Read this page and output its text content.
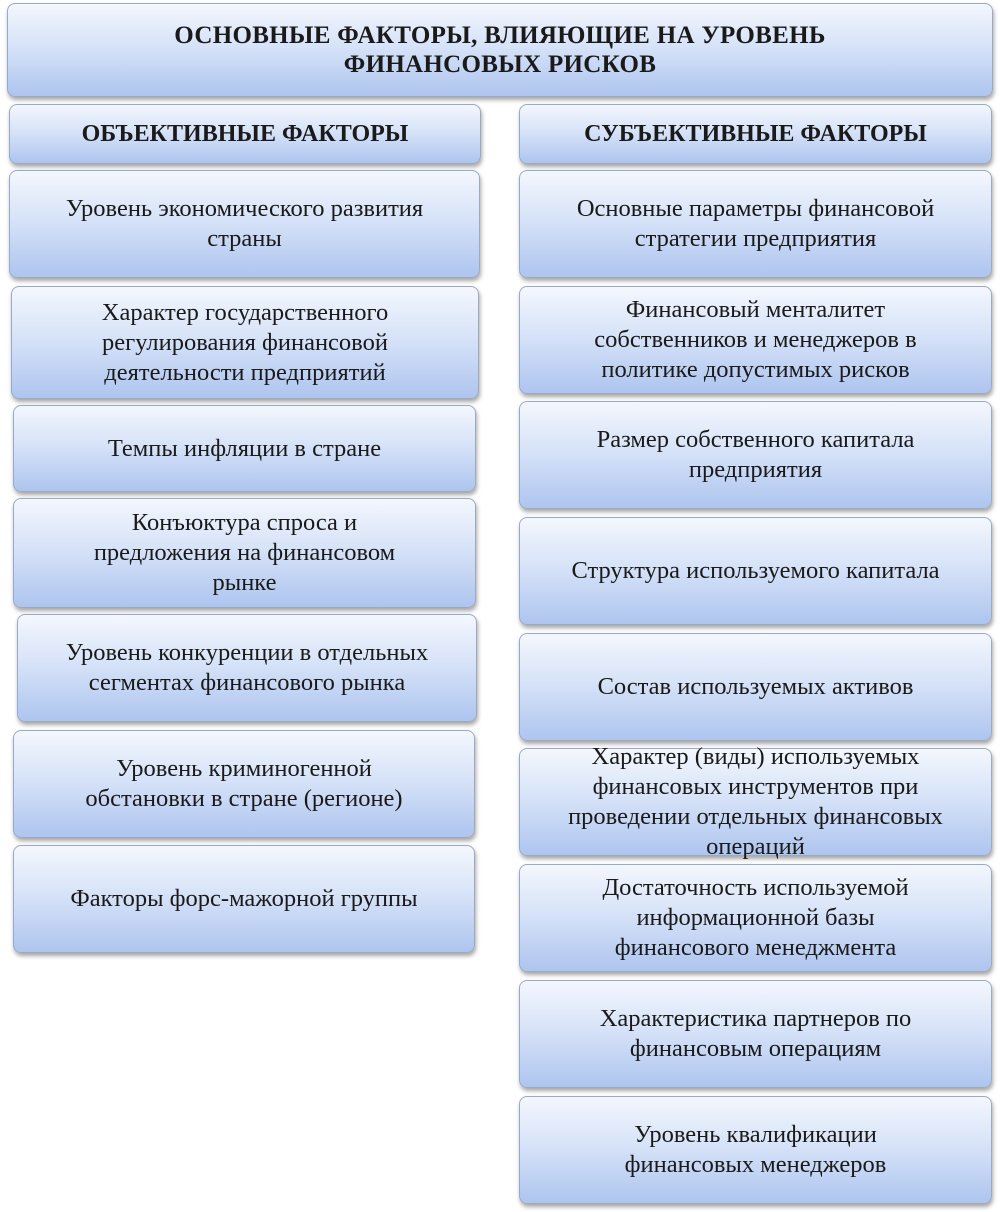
ОСНОВНЫЕ ФАКТОРЫ, ВЛИЯЮЩИЕ НА УРОВЕНЬ
ФИНАНСОВЫХ РИСКОВ
ОБЪЕКТИВНЫЕ ФАКТОРЫ	СУБЪЕКТИВНЫЕ ФАКТОРЫ
Уровень экономического развития
страны
Характер государственного
регулирования финансовой
деятельности предприятий
Темпы инфляции в стране
Конъюктура спроса и
предложения на финансовом
рынке
Уровень конкуренции в отдельных
сегментах финансового рынка
Уровень криминогенной
обстановки в стране (регионе)
Факторы форс-мажорной группы
Основные параметры финансовой
стратегии предприятия
Финансовый менталитет
собственников и менеджеров в
политике допустимых рисков
Размер собственного капитала
предприятия
Структура используемого капитала
Состав используемых активов
Характер (виды) используемых
финансовых инструментов при
проведении отдельных финансовых
операций
Достаточность используемой
информационной базы
финансового менеджмента
Характеристика партнеров по
финансовым операциям
Уровень квалификации
финансовых менеджеров
